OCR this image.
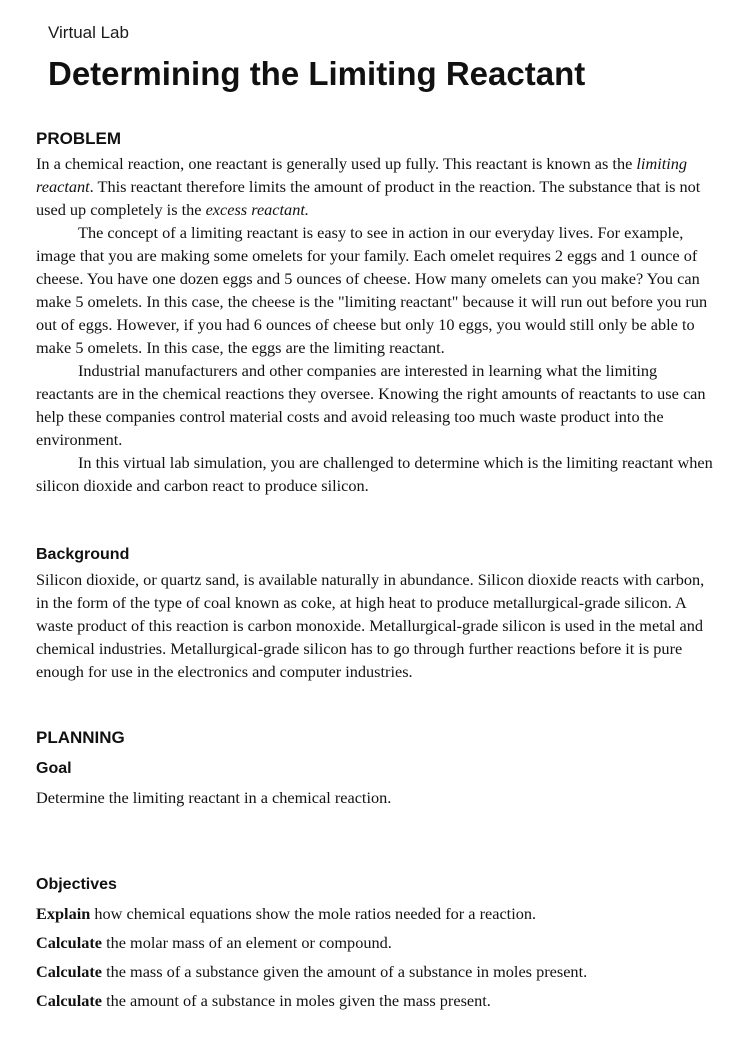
Virtual Lab
Determining the Limiting Reactant
PROBLEM

In a chemical reaction, one reactant is generally used up fully. This reactant is known as the limiting reactant. This reactant therefore limits the amount of product in the reaction. The substance that is not used up completely is the excess reactant.

The concept of a limiting reactant is easy to see in action in our everyday lives. For example, image that you are making some omelets for your family. Each omelet requires 2 eggs and 1 ounce of cheese. You have one dozen eggs and 5 ounces of cheese. How many omelets can you make? You can make 5 omelets. In this case, the cheese is the "limiting reactant" because it will run out before you run out of eggs. However, if you had 6 ounces of cheese but only 10 eggs, you would still only be able to make 5 omelets. In this case, the eggs are the limiting reactant.

Industrial manufacturers and other companies are interested in learning what the limiting reactants are in the chemical reactions they oversee. Knowing the right amounts of reactants to use can help these companies control material costs and avoid releasing too much waste product into the environment.

In this virtual lab simulation, you are challenged to determine which is the limiting reactant when silicon dioxide and carbon react to produce silicon.

Background

Silicon dioxide, or quartz sand, is available naturally in abundance. Silicon dioxide reacts with carbon, in the form of the type of coal known as coke, at high heat to produce metallurgical-grade silicon. A waste product of this reaction is carbon monoxide. Metallurgical-grade silicon is used in the metal and chemical industries. Metallurgical-grade silicon has to go through further reactions before it is pure enough for use in the electronics and computer industries.

PLANNING
Goal
Determine the limiting reactant in a chemical reaction.
Objectives
Explain how chemical equations show the mole ratios needed for a reaction.
Calculate the molar mass of an element or compound.
Calculate the mass of a substance given the amount of a substance in moles present.
Calculate the amount of a substance in moles given the mass present.
